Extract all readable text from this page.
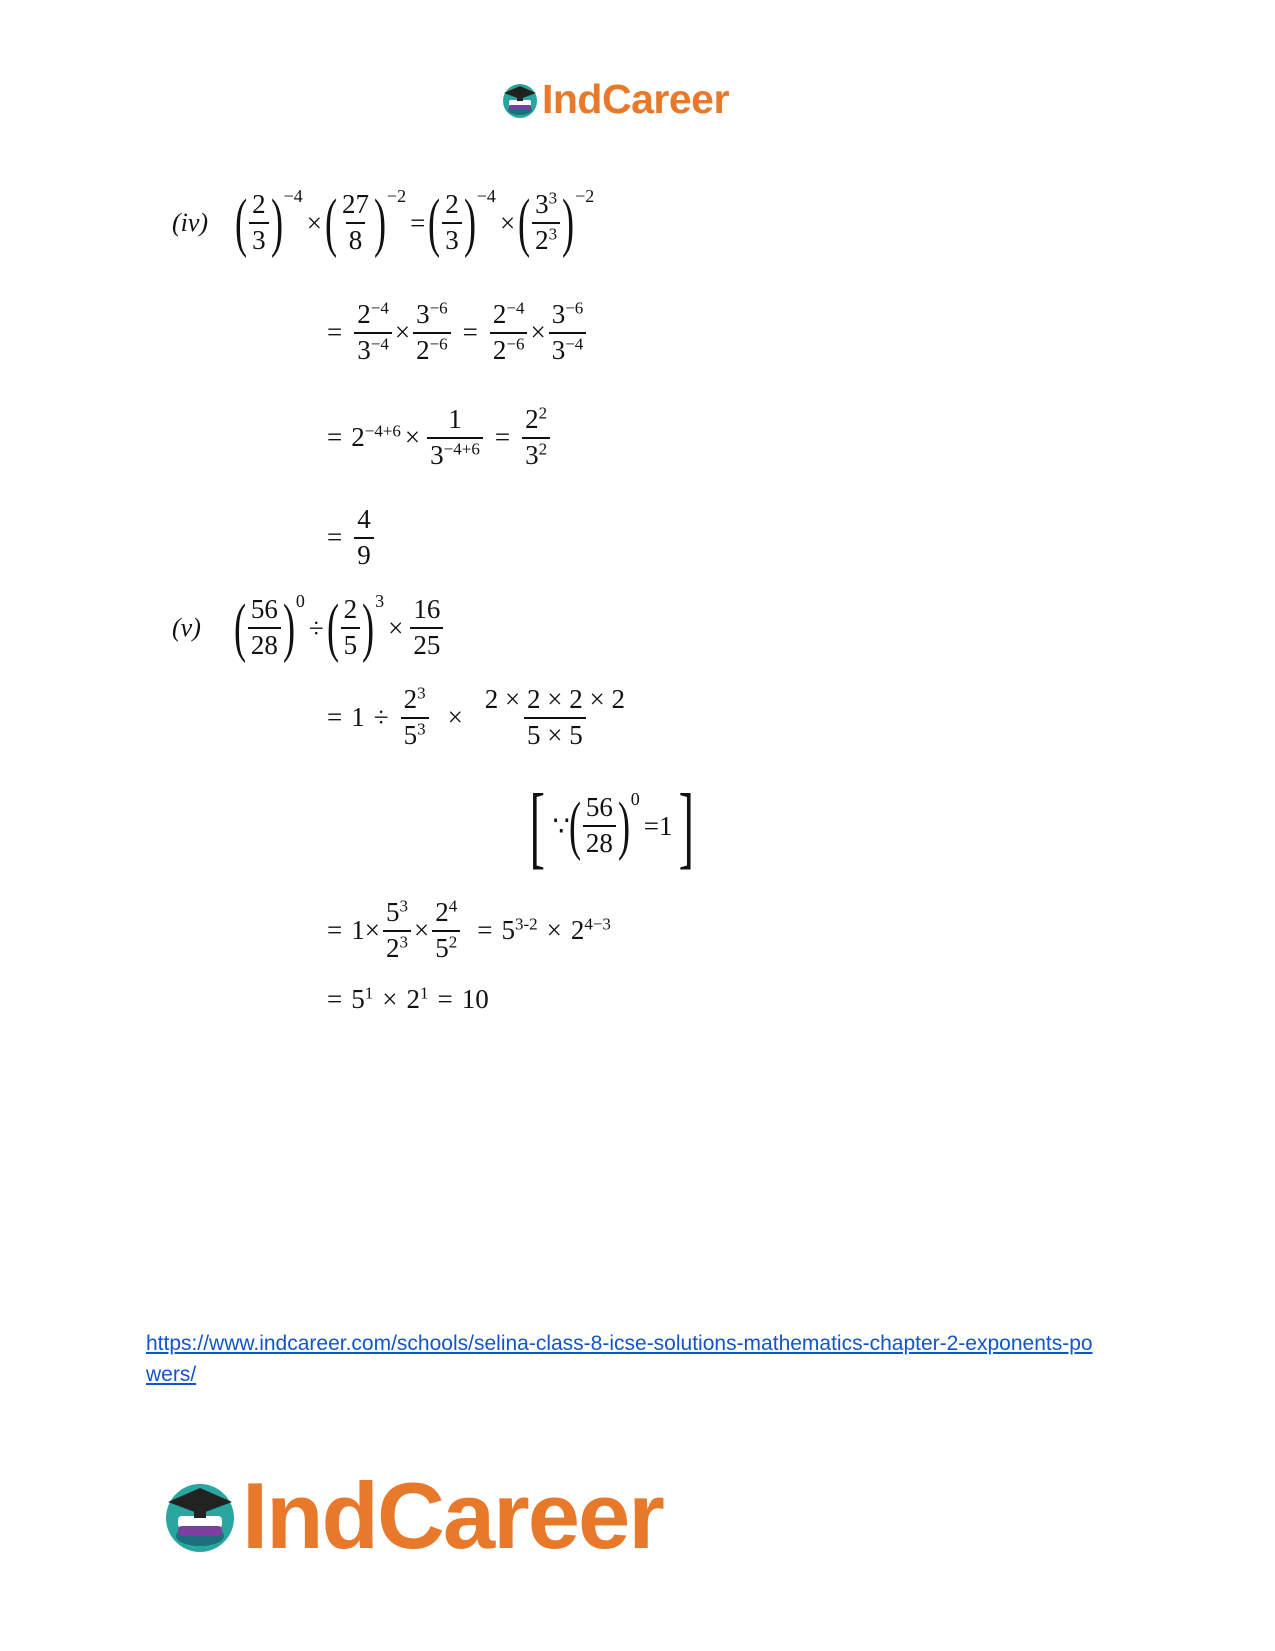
IndCareer
(iv) ( $\frac{2}{3}$ ) −4
× ( $\frac{27}{8}$ ) −2
= ( $\frac{2}{3}$ ) −4
× ( $\frac{3^3}{2^3}$ ) −2
= $\frac{2^{-4}}{3^{-4}} \times \frac{3^{-6}}{2^{-6}} = \frac{2^{-4}}{2^{-6}} \times \frac{3^{-6}}{3^{-4}}$
= $2^{-4+6} \times \frac{1}{3^{-4+6}} = \frac{2^2}{3^2}$
= $\frac{4}{9}$
(v) ( $\frac{56}{28}$ ) 0
÷ ( $\frac{2}{5}$ ) 3
× $\frac{16}{25}$
= $1 \div \frac{2^3}{5^3} \times \frac{2 \times 2 \times 2 \times 2}{5 \times 5}$
[ ∵
( $\frac{56}{28}$ ) 0
=1 ]
= $1 \times \frac{5^3}{2^3} \times \frac{2^4}{5^2} = 5^{3-2} \times 2^{4-3}$
= $5^1 \times 2^1 = 10$
https://www.indcareer.com/schools/selina-class-8-icse-solutions-mathematics-chapter-2-exponents-powers/
IndCareer
